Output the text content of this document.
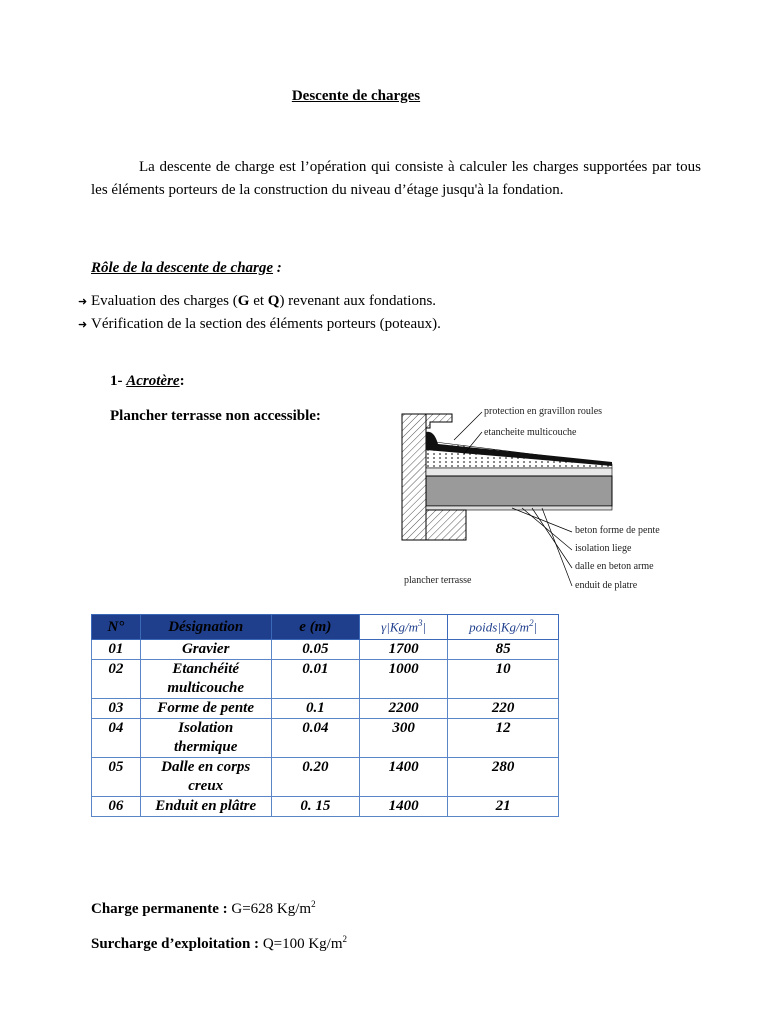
Descente de charges
La descente de charge est l’opération qui consiste à calculer les charges supportées par tous les éléments porteurs de la construction du niveau d’étage jusqu'à la fondation.
Rôle de la descente de charge :
➜ Evaluation des charges (G et Q) revenant aux fondations.
➜ Vérification de la section des éléments porteurs (poteaux).
1- Acrotère:
Plancher terrasse non accessible:	protection en gravillon roules
etancheite multicouche
beton forme de pente
isolation liege
dalle en beton arme
enduit de platre
plancher terrasse
N°	Désignation	e (m)	$\gamma|Kg/m^3|$	$poids|Kg/m^2|$
01	Gravier	0.05	1700	85
02	Etanchéité multicouche	0.01	1000	10
03	Forme de pente	0.1	2200	220
04	Isolation thermique	0.04	300	12
05	Dalle en corps creux	0.20	1400	280
06	Enduit en plâtre	0. 15	1400	21
Charge permanente : G=628 $Kg/m^2$
Surcharge d’exploitation : Q=100 $Kg/m^2$
